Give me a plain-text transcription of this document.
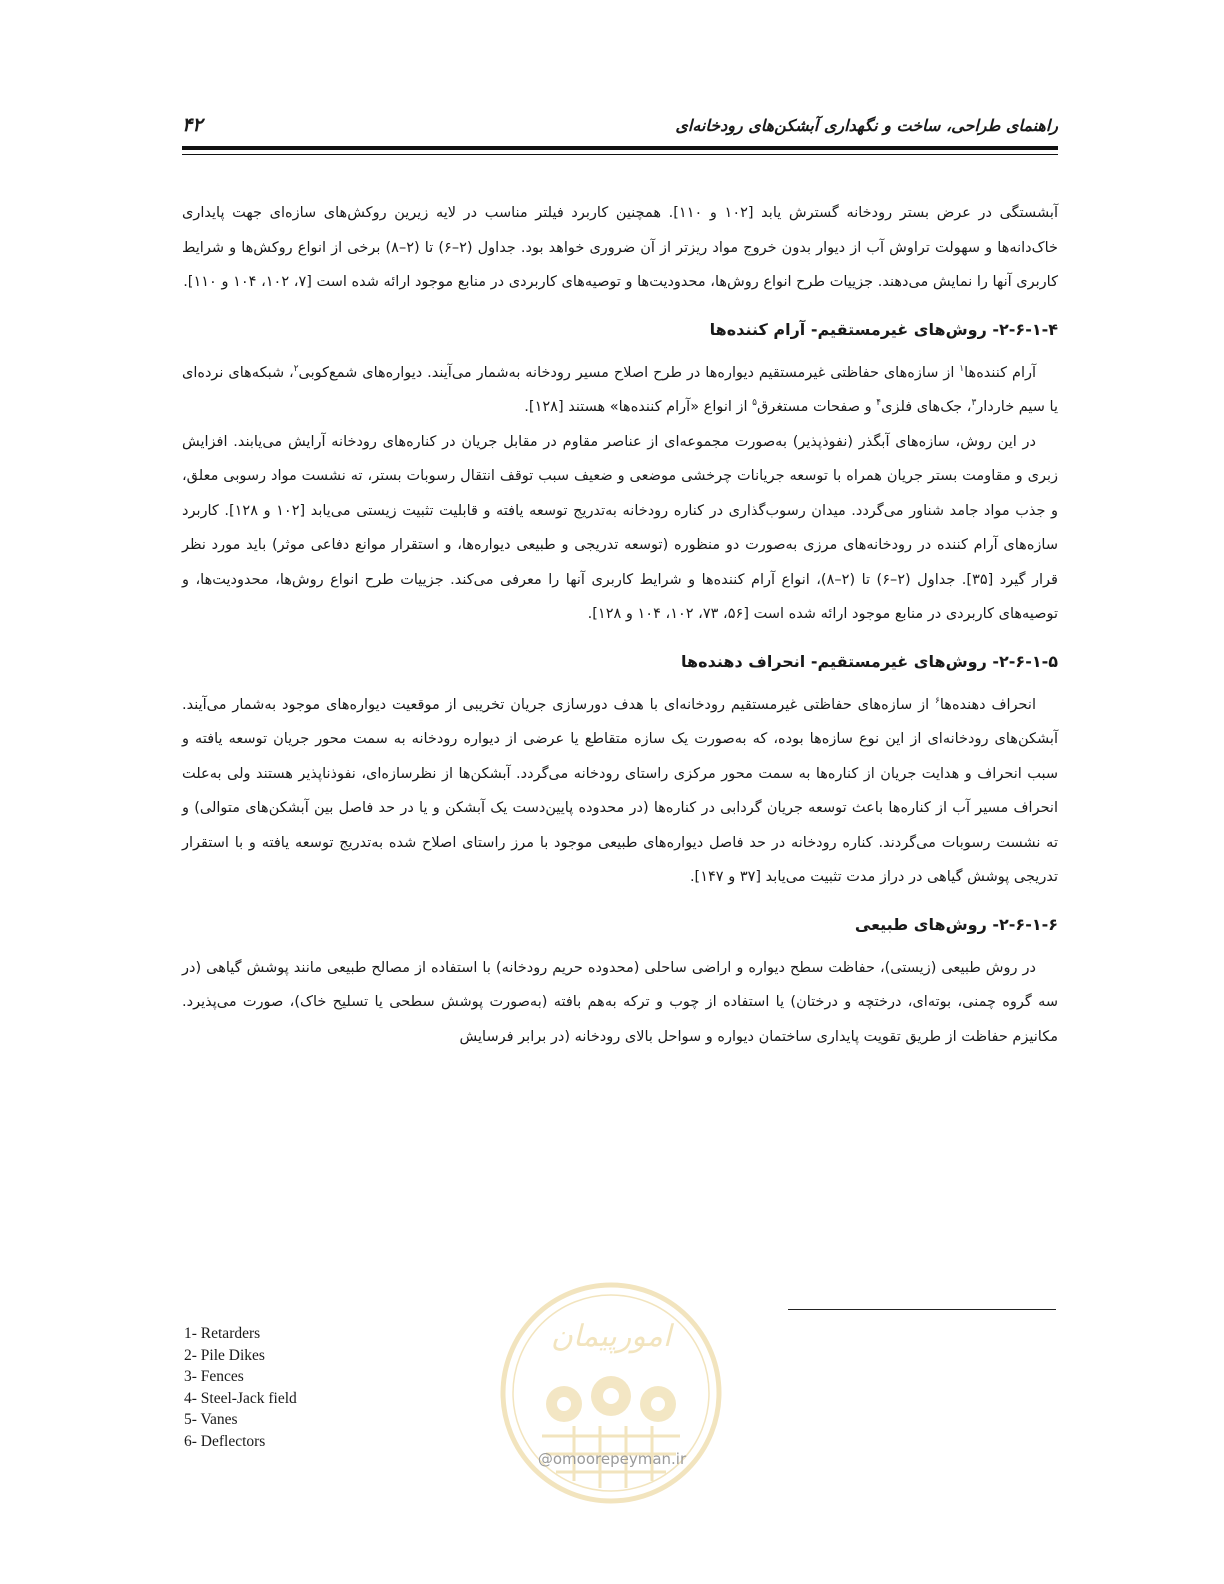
راهنمای طراحی، ساخت و نگهداری آبشکن‌های رودخانه‌ای
۴۲

آبشستگی در عرض بستر رودخانه گسترش یابد [۱۰۲ و ۱۱۰]. همچنین کاربرد فیلتر مناسب در لایه زیرین روکش‌های سازه‌ای جهت پایداری خاک‌دانه‌ها و سهولت تراوش آب از دیوار بدون خروج مواد ریزتر از آن ضروری خواهد بود. جداول (۲–۶) تا (۲–۸) برخی از انواع روکش‌ها و شرایط کاربری آنها را نمایش می‌دهند. جزییات طرح انواع روش‌ها، محدودیت‌ها و توصیه‌های کاربردی در منابع موجود ارائه شده است [۷، ۱۰۲، ۱۰۴ و ۱۱۰].

۲-۶-۱-۴- روش‌های غیرمستقیم- آرام کننده‌ها

آرام کننده‌ها$^۱$ از سازه‌های حفاظتی غیرمستقیم دیواره‌ها در طرح اصلاح مسیر رودخانه به‌شمار می‌آیند. دیواره‌های شمع‌کوبی$^۲$، شبکه‌های نرده‌ای یا سیم خاردار$^۳$، جک‌های فلزی$^۴$ و صفحات مستغرق$^۵$ از انواع «آرام کننده‌ها» هستند [۱۲۸].

در این روش، سازه‌های آبگذر (نفوذپذیر) به‌صورت مجموعه‌ای از عناصر مقاوم در مقابل جریان در کناره‌های رودخانه آرایش می‌یابند. افزایش زبری و مقاومت بستر جریان همراه با توسعه جریانات چرخشی موضعی و ضعیف سبب توقف انتقال رسوبات بستر، ته نشست مواد رسوبی معلق، و جذب مواد جامد شناور می‌گردد. میدان رسوب‌گذاری در کناره رودخانه به‌تدریج توسعه یافته و قابلیت تثبیت زیستی می‌یابد [۱۰۲ و ۱۲۸]. کاربرد سازه‌های آرام کننده در رودخانه‌های مرزی به‌صورت دو منظوره (توسعه تدریجی و طبیعی دیواره‌ها، و استقرار موانع دفاعی موثر) باید مورد نظر قرار گیرد [۳۵]. جداول (۲–۶) تا (۲–۸)، انواع آرام کننده‌ها و شرایط کاربری آنها را معرفی می‌کند. جزییات طرح انواع روش‌ها، محدودیت‌ها، و توصیه‌های کاربردی در منابع موجود ارائه شده است [۵۶، ۷۳، ۱۰۲، ۱۰۴ و ۱۲۸].

۲-۶-۱-۵- روش‌های غیرمستقیم- انحراف دهنده‌ها

انحراف دهنده‌ها$^۶$ از سازه‌های حفاظتی غیرمستقیم رودخانه‌ای با هدف دورسازی جریان تخریبی از موقعیت دیواره‌های موجود به‌شمار می‌آیند. آبشکن‌های رودخانه‌ای از این نوع سازه‌ها بوده، که به‌صورت یک سازه متقاطع یا عرضی از دیواره رودخانه به سمت محور جریان توسعه یافته و سبب انحراف و هدایت جریان از کناره‌ها به سمت محور مرکزی راستای رودخانه می‌گردد. آبشکن‌ها از نظرسازه‌ای، نفوذناپذیر هستند ولی به‌علت انحراف مسیر آب از کناره‌ها باعث توسعه جریان گردابی در کناره‌ها (در محدوده پایین‌دست یک آبشکن و یا در حد فاصل بین آبشکن‌های متوالی) و ته نشست رسوبات می‌گردند. کناره رودخانه در حد فاصل دیواره‌های طبیعی موجود با مرز راستای اصلاح شده به‌تدریج توسعه یافته و با استقرار تدریجی پوشش گیاهی در دراز مدت تثبیت می‌یابد [۳۷ و ۱۴۷].

۲-۶-۱-۶- روش‌های طبیعی

در روش طبیعی (زیستی)، حفاظت سطح دیواره و اراضی ساحلی (محدوده حریم رودخانه) با استفاده از مصالح طبیعی مانند پوشش گیاهی (در سه گروه چمنی، بوته‌ای، درختچه و درختان) یا استفاده از چوب و ترکه به‌هم بافته (به‌صورت پوشش سطحی یا تسلیح خاک)، صورت می‌پذیرد. مکانیزم حفاظت از طریق تقویت پایداری ساختمان دیواره و سواحل بالای رودخانه (در برابر فرسایش

1- Retarders
2- Pile Dikes
3- Fences
4- Steel-Jack field
5- Vanes
6- Deflectors
امورپیمان
@omoorepeyman.ir
